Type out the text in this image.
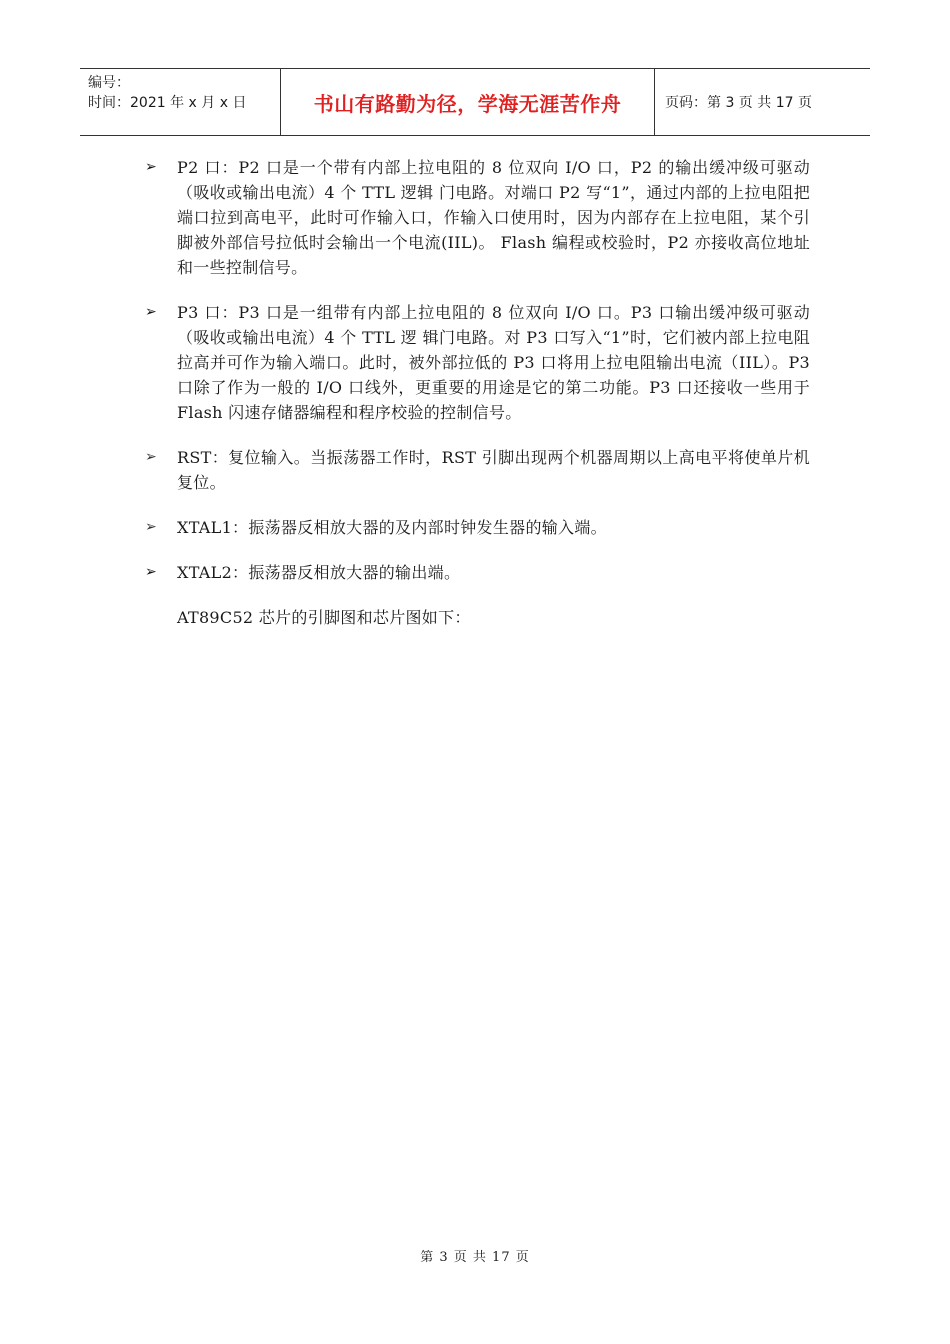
编号：
时间：2021 年 x 月 x 日	书山有路勤为径，学海无涯苦作舟	页码：第 3 页 共 17 页
➢	P2 口：P2 口是一个带有内部上拉电阻的 8 位双向 I/O 口，P2 的输出缓冲级可驱动（吸收或输出电流）4 个 TTL 逻辑 门电路。对端口 P2 写“1”，通过内部的上拉电阻把端口拉到高电平，此时可作输入口，作输入口使用时，因为内部存在上拉电阻，某个引脚被外部信号拉低时会输出一个电流(IIL)。 Flash 编程或校验时，P2 亦接收高位地址和一些控制信号。
➢	P3 口：P3 口是一组带有内部上拉电阻的 8 位双向 I/O 口。P3 口输出缓冲级可驱动（吸收或输出电流）4 个 TTL 逻 辑门电路。对 P3 口写入“1”时，它们被内部上拉电阻拉高并可作为输入端口。此时，被外部拉低的 P3 口将用上拉电阻输出电流（IIL）。P3 口除了作为一般的 I/O 口线外，更重要的用途是它的第二功能。P3 口还接收一些用于 Flash 闪速存储器编程和程序校验的控制信号。
➢	RST：复位输入。当振荡器工作时，RST 引脚出现两个机器周期以上高电平将使单片机复位。
➢	XTAL1：振荡器反相放大器的及内部时钟发生器的输入端。
➢	XTAL2：振荡器反相放大器的输出端。
AT89C52 芯片的引脚图和芯片图如下：
第 3 页 共 17 页
